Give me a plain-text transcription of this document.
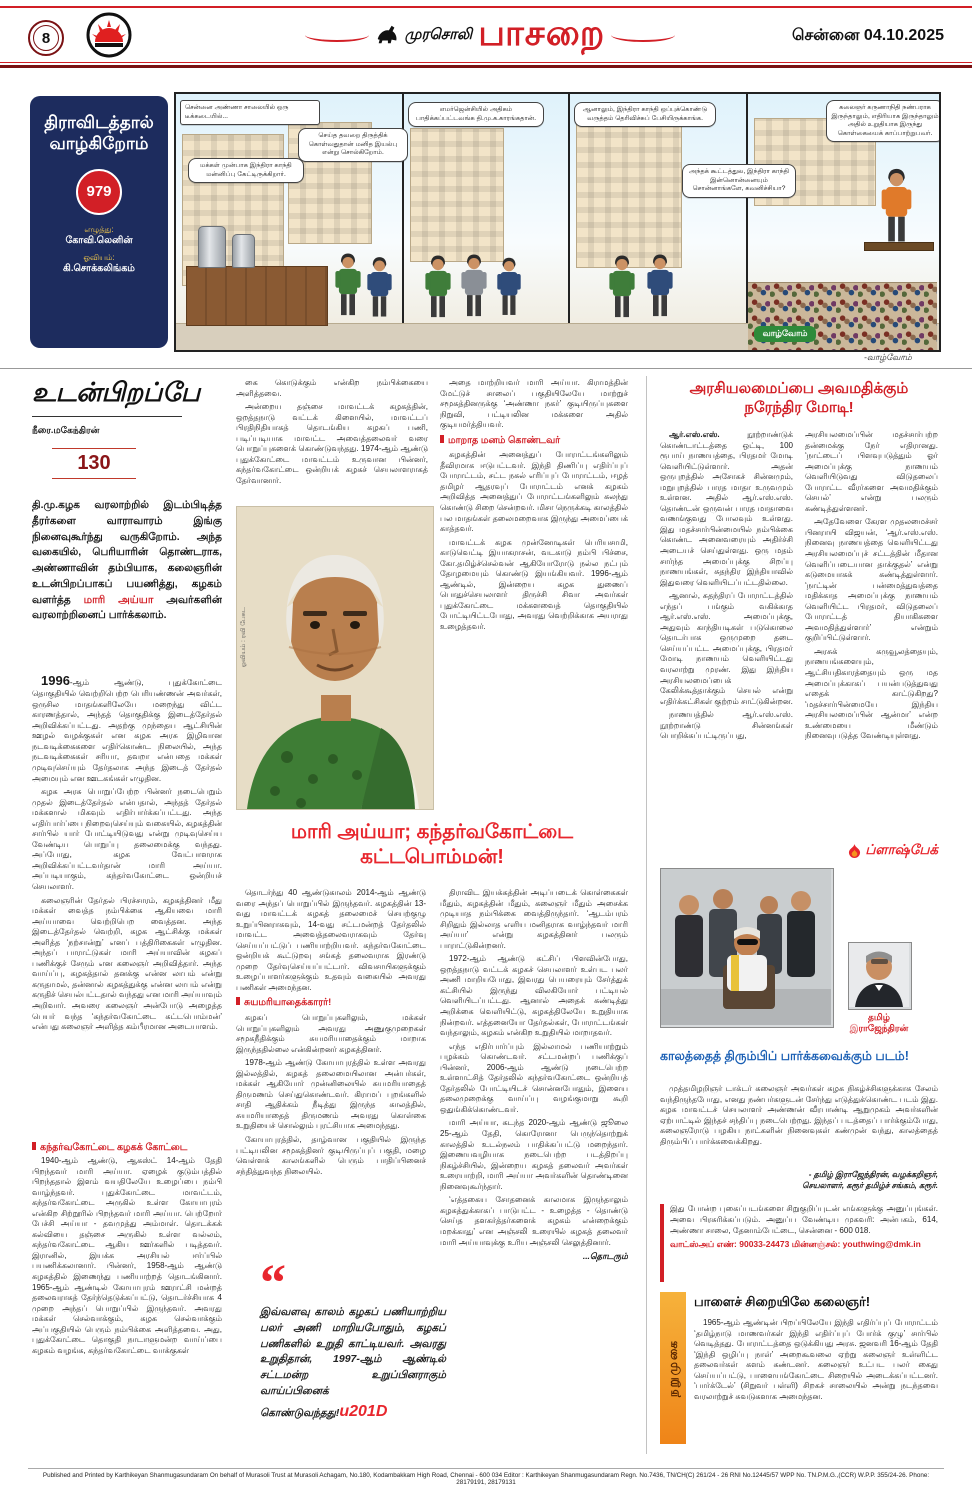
8	முரசொலி பாசறை	சென்னை 04.10.2025
திராவிடத்தால்
வாழ்கிறோம்
979
எழுத்து:
கோவி.லெனின்
ஓவியம்:
கி.சொக்கலிங்கம்
வாழ்வோம்
சென்னை அண்ணா சாலையில் ஒரு டீக்கடையில்...
மக்கள் முன்பாக இந்திரா காந்தி மன்னிப்பு கேட்டிருக்கிறார்.
செய்த தவறை திருத்திக் கொள்வதுதான் மனித இயல்பு என்று சொல்கிறோம்.
எமர்ஜென்சியில் அதிகம் பாதிக்கப்பட்டவங்க தி.மு.க.காரங்கதான்.
ஆனாலும், இந்திரா காந்தி ஒப்புக்கொண்டு வருத்தம் தெரிவிச்சுப் பேசியிருக்காங்க.
அந்தக் கூட்டத்துல, இந்திரா காந்தி இன்னொன்னையும் சொன்னாங்களே, கவனிச்சியா?
கலைஞர் கருணாநிதி நண்பராக இருந்தாலும், எதிரியாக இருந்தாலும் அதில் உறுதியாக இருந்து கொள்கையைக் காப்பாற்றுபவர்.
-வாழ்வோம்
உடன்பிறப்பே
நீரை.மகேந்திரன்
130
தி.மு.கழக வரலாற்றில் இடம்பிடித்த தீரர்களை வாராவாரம் இங்கு நினைவுகூர்ந்து வருகிறோம். அந்த வகையில், பெரியாரின் தொண்டராக, அண்ணாவின் தம்பியாக, கலைஞரின் உடன்பிறப்பாகப் பயணித்து, கழகம் வளர்த்த மாரி அய்யா அவர்களின் வரலாற்றினைப் பார்க்கலாம்.

1996-ஆம் ஆண்டு, புதுக்கோட்டை தொகுதியில் வெற்றிபெற்ற பெரியண்ணன் அவர்கள், ஒருசில மாதங்களிலேயே மறைந்து விட்ட காரணத்தால், அந்தத் தொகுதிக்கு இடைத்தேர்தல் அறிவிக்கப்பட்டது. அதற்கு முந்தைய ஆட்சியின் ஊழல் வழக்குகள் என கழக அரசு இழிவான நடவடிக்கைகளை எதிர்கொண்ட நிலையில், அந்த நடவடிக்கைகள் சரியா, தவறா என்பதை மக்கள் முடிவுசெய்யும் தேர்தலாக அந்த இடைத் தேர்தல் அமையும் என ஊடகங்கள் எழுதின.

கழக அரசு பொறுப்பேற்ற பின்னர் நடைபெறும் முதல் இடைத்தேர்தல் என்பதால், அந்தத் தேர்தல் மக்களால் மிகவும் எதிர்பார்க்கப்பட்டது. அந்த எதிர்பார்ப்பை நிறைவுசெய்யும் வகையில், கழகத்தின் சார்பில் யார் போட்டியிடுவது என்று முடிவுசெய்ய வேண்டிய பொறுப்பு தலைமைக்கு வந்தது. அப்போது, கழக வேட்பாளராக அறிவிக்கப்பட்டவர்தான் மாரி அய்யா. அப்படியாகும், கந்தர்வகோட்டை ஒன்றியச் செயலாளர்.

கலைஞரின் தேர்தல் பிரச்சாரம், கழகத்தினர் மீது மக்கள் வைத்த நம்பிக்கை ஆகியவை மாரி அய்யாவை வெற்றிபெற வைத்தன. அந்த இடைத்தேர்தல் வெற்றி, கழக ஆட்சிக்கு மக்கள் அளித்த ‘நற்சான்று’ எனப் பத்திரிகைகள் எழுதின. அந்தப் பாராட்டுகள் மாரி அய்யாவின் கழகப் பணிக்குச் சேரும் என கலைஞர் அறிவித்தார். அந்த வாய்ப்பு, கழகத்தால் தனக்கு என்ன லாபம் என்று கருதாமல், தன்னால் கழகத்துக்கு என்ன லாபம் என்று கருதிச் செயல்பட்டதால் வந்தது என மாரி அய்யாவும் அறிவார். அவரை கலைஞர் அன்போடு அழைத்த பெயர் வந்த ‘கந்தர்வகோட்டை கட்டபொம்மன்’ என்பது கலைஞர் அளித்த கம்பீரமான அடையாளம்.

கந்தர்வகோட்டை கழகக் கோட்டை

1940-ஆம் ஆண்டு, ஆகஸ்ட் 14-ஆம் தேதி பிறந்தவர் மாரி அய்யா. ஏழைக் குடும்பத்தில் பிறந்ததால் இளம் வயதிலேயே உழைப்பை நம்பி வாழ்ந்தவர். புதுக்கோட்டை மாவட்டம், கந்தர்வகோட்டை அருகில் உள்ள கோயாபுரம் என்கிற சிற்றூரில் பிறந்தவர் மாரி அய்யா. பெற்றோர் பேச்சி அய்யா - தவமுத்து அம்மாள். தொடக்கக் கல்வியை தஞ்சை அருகில் உள்ள வல்லம், கந்தர்வகோட்டை ஆகிய ஊர்களில் படித்தவர். இரானில், இயக்க அரசியல் ஈர்ப்பில் பயணிக்கலானார். பின்னர், 1958-ஆம் ஆண்டு கழகத்தில் இணைந்து பணியாற்றத் தொடங்கினார். 1965-ஆம் ஆண்டில் கோயாபுரம் ஊராட்சி மன்றத் தலைவராகத் தேர்ந்தெடுக்கப்பட்டு, தொடர்ச்சியாக 4 முறை அந்தப் பொறுப்பில் இருந்தவர். அவரது மக்கள் செல்வாக்கும், கழக செல்வாக்கும் அப்பகுதியில் பெரும் நம்பிக்கை அளித்தவை. அது, புதுக்கோட்டை தொகுதி நாடாளுமன்ற வாய்ப்பை கழகம் வழங்க, கந்தர்வகோட்டை வாக்குகள்

கை கொடுக்கும் என்கிற நம்பிக்கையை அளித்தவை.

அன்றைய தஞ்சை மாவட்டக் கழகத்தின், ஒறத்தநாடு வட்டக் கிளையில், மாவட்டப் பிரதிநிதியாகத் தொடங்கிய கழகப் பணி, படிப்படியாக மாவட்ட அவைத்தலைவர் வரை பொறுப்புகளைக் கொண்டுவந்தது. 1974-ஆம் ஆண்டு புதுக்கோட்டை மாவட்டம் உருவான பின்னர், கந்தர்வகோட்டை ஒன்றியக் கழகச் செயலாளராகத் தேர்வானார்.

ஓவியம் : ரவி பேகட
மாரி அய்யா; கந்தர்வகோட்டை
கட்டபொம்மன்!

தொடர்ந்து 40 ஆண்டுகாலம் 2014-ஆம் ஆண்டு வரை அந்தப் பொறுப்பில் இருந்தவர். கழகத்தின் 13-வது மாவட்டக் கழகத் தலைமைச் செயற்குழு உறுப்பினராகவும், 14-வது சட்டமன்றத் தேர்தலில் மாவட்ட அவைத்தலைவராகவும் தேர்வு செய்யப்பட்டுப் பணியாற்றியவர். கந்தர்வகோட்டை ஒன்றியக் கூட்டுறவு சங்கத் தலைவராக இரண்டு முறை தேர்வுசெய்யப்பட்டார். விவசாயிகளுக்கும் உழைப்பாளர்களுக்கும் உதவும் வகையில் அவரது பணிகள் அமைந்தன.

சுயமரியாதைக்காரர்!

கழகப் பொறுப்புகளிலும், மக்கள் பொறுப்புகளிலும் அவரது அணுகுமுறைகள் சமூகநீதிக்கும் சுயமரியாதைக்கும் மாறாக இருந்ததில்லை என்கின்றனர் கழகத்தினர்.

1978-ஆம் ஆண்டு கோயாபுரத்தில் உள்ள அவரது இல்லத்தில், கழகத் தலைமையிலான அன்பர்கள், மக்கள் ஆகியோர் முன்னிலையில் சுயமரியாதைத் திருமணம் செய்துகொண்டவர். கிராமப் புறங்களில் சாதி ஆதிக்கம் நீடித்து இருந்த காலத்தில், சுயமரியாதைத் திருமணம் அவரது கொள்கை உறுதியைச் சொல்லும் புரட்சியாக அமைந்தது.

கோயாபுரத்தில், தாழ்வான பகுதியில் இருந்த பட்டியலின சமூகத்தினர் குடியிருப்புப் பகுதி, மழை வெள்ளக் காலங்களில் பெரும் பாதிப்பினைச் சந்தித்துவந்த நிலையில்.

“
இவ்வளவு காலம் கழகப் பணியாற்றிய பலர் அணி மாறியபோதும், கழகப் பணிகளில் உறுதி காட்டியவர். அவரது உறுதிதான், 1997-ஆம் ஆண்டில் சட்டமன்ற உறுப்பினராகும் வாய்ப்பினைக் கொண்டுவந்தது! u201D

அதை மாற்றியவர் மாரி அய்யா. கிராமத்தின் மேட்டுச் சாலைப் பகுதியிலேயே மாற்றுச் சமூகத்தினருக்கு ‘அண்ணா நகர்’ குடியிருப்புகளை நிறுவி, பட்டியலின மக்களை அதில் குடியமர்த்தியவர்.

மாறாத மனம் கொண்டவர்

கழகத்தின் அனைத்துப் போராட்டங்களிலும் தீவிரமாக ஈடுபட்டவர். இந்தி திணிப்பு எதிர்ப்புப் போராட்டம், சட்ட நகல் எரிப்புப் போராட்டம், ஈழத் தமிழர் ஆதரவுப் போராட்டம் எனக் கழகம் அறிவித்த அனைத்துப் போராட்டங்களிலும் கலந்து கொண்டு சிறை சென்றவர். மிசா நெருக்கடி காலத்தில் பல மாதங்கள் தலைமறைவாக இருந்து அமைப்பைக் காத்தவர்.

மாவட்டக் கழக முன்னோடிகள் பெரியசாமி, காடுவெட்டி இயாகராசன், வடகாடு நம்பி பிச்சை, கோ.தமிழ்ச்செல்வன் ஆகியோரோடு நல்ல நட்பும் தோழமையும் கொண்டு இயங்கியவர். 1996-ஆம் ஆண்டில், இன்றைய கழக துணைப் பொதுச்செயலாளர் திருச்சி சிவா அவர்கள் புதுக்கோட்டை மக்களவைத் தொகுதியில் போட்டியிட்டபோது, அவரது வெற்றிக்காக அயராது உழைத்தவர்.

திராவிட இயக்கத்தின் அடிப்படைக் கொள்கைகள் மீதும், கழகத்தின் மீதும், கலைஞர் மீதும் அசைக்க முடியாத நம்பிக்கை வைத்திருந்தார். ‘ஆடம்பரம் சிறிதும் இல்லாத எளிய மனிதராக வாழ்ந்தவர் மாரி அய்யா’ என்று கழகத்தினர் பலரும் பாராட்டுகின்றனர்.

1972-ஆம் ஆண்டு கட்சிப் பிளவின்போது, ஒறத்தநாடு வட்டக் கழகச் செயலாளர் உள்பட பலர் அணி மாறியபோது, இவரது பெயரையும் சேர்த்துக் கட்சியில் இருந்து விலகியோர் பட்டியல் வெளியிடப்பட்டது. ஆனால் அதைக் கண்டித்து அறிக்கை வெளியிட்டு, கழகத்திலேயே உறுதியாக நின்றவர். எத்தனையோ தேர்தல்கள், போராட்டங்கள் வந்தாலும், கழகம் என்கிற உறுதியில் மாறாதவர்.

எந்த எதிர்பார்ப்பும் இல்லாமல் பணியாற்றும் பழக்கம் கொண்டவர். சட்டமன்றப் பணிக்குப் பின்னர், 2006-ஆம் ஆண்டு நடைபெற்ற உள்ளாட்சித் தேர்தலில் கந்தர்வகோட்டை ஒன்றியத் தேர்தலில் போட்டியிடச் சொன்னபோதும், இளைய தலைமுறைக்கு வாய்ப்பு வழங்குமாறு கூறி ஒதுங்கிக்கொண்டவர்.

மாரி அய்யா, கடந்த 2020-ஆம் ஆண்டு ஜூலை 25-ஆம் தேதி, கொரோனா பெருந்தொற்றுக் காலத்தில் உடல்நலம் பாதிக்கப்பட்டு மறைந்தார். இணையவழியாக நடைபெற்ற படத்திறப்பு நிகழ்ச்சியில், இன்றைய கழகத் தலைவர் அவர்கள் உரையாற்றி, மாரி அய்யா அவர்களின் தொண்டினை நினைவுகூர்ந்தார்.

‘எத்தகைய சோதனைக் காலமாக இருந்தாலும் கழகத்துக்காகப் பாடுபட்ட - உழைத்த - தொண்டு செய்த தளகர்த்தர்களைக் கழகம் என்றைக்கும் மறக்காது’ என அஞ்சலி உரையில் கழகத் தலைவர் மாரி அய்யாவுக்கு உரிய அஞ்சலி செலுத்தினார்.

...தொடரும்
அரசியலமைப்பை அவமதிக்கும்
நரேந்திர மோடி!

ஆர்.எஸ்.எஸ். நூற்றாண்டுக் கொண்டாட்டத்தை ஒட்டி, 100 ரூபாய் நாணயத்தை, பிரதமர் மோடி வெளியிட்டுள்ளார். அதன் ஒருபுறத்தில் அசோகச் சின்னமும், மறுபுறத்தில் பாரத மாதா உருவமும் உள்ளன. அதில் ஆர்.எஸ்.எஸ். தொண்டன் ஒருவன் பாரத மாதாவை வணங்குவது போலவும் உள்ளது. இது மதச்சார்பின்மையில் நம்பிக்கை கொண்ட அனைவரையும் அதிர்ச்சி அடையச் செய்துள்ளது. ஒரு மதம் சார்ந்த அமைப்புக்கு சிறப்பு நாணயங்கள், சுதந்திர இந்தியாவில் இதுவரை வெளியிடப்பட்டதில்லை.

ஆனால், சுதந்திரப் போராட்டத்தில் எந்தப் பங்கும் வகிக்காத ஆர்.எஸ்.எஸ். அமைப்புக்கு, அதுவும் காந்தியடிகள் படுகொலை தொடர்பாக ஒருமுறை தடை செய்யப்பட்ட அமைப்புக்கு, பிரதமர் மோடி நாணயம் வெளியிட்டது வரலாற்று முரண். இது இந்திய அரசியலமைப்பைக் கேலிக்கூத்தாக்கும் செயல் என்று எதிர்க்கட்சிகள் குற்றம் சாட்டுகின்றன.

நாணயத்தில் ஆர்.எஸ்.எஸ். நூற்றாண்டு சின்னங்கள் பொறிக்கப்பட்டிருப்பது, அரசியலமைப்பின் மதச்சார்பற்ற தன்மைக்கு நேர் எதிரானது. ‘நாட்டைப் பிளவுபடுத்தும் ஓர் அமைப்புக்கு நாணயம் வெளியிடுவது விடுதலைப் போராட்ட வீரர்களை அவமதிக்கும் செயல்’ என்று பலரும் கண்டித்துள்ளனர்.

அதேவேளை கேரள முதலமைச்சர் பினராயி விஜயன், ‘ஆர்.எஸ்.எஸ். நினைவு நாணயத்தை வெளியிட்டது அரசியலமைப்புச் சட்டத்தின் மீதான வெளிப்படையான தாக்குதல்’ என்று கடுமையாகக் கண்டித்துள்ளார். ‘நாட்டின் பன்மைத்துவத்தை மதிக்காத அமைப்புக்கு நாணயம் வெளியிட்ட பிரதமர், விடுதலைப் போராட்டத் தியாகிகளை அவமதித்துள்ளார்’ என்றும் குறிப்பிட்டுள்ளார்.

அரசுக் கருவூலத்தையும், நாணயங்களையும், ஆட்சியதிகாரத்தையும் ஒரு மத அமைப்புக்காகப் பயன்படுத்துவது எதைக் காட்டுகிறது? ‘மதச்சார்பின்மையே இந்திய அரசியலமைப்பின் ஆன்மா’ என்ற உண்மையை மீண்டும் நினைவுபடுத்த வேண்டியுள்ளது.

ப்ளாஷ்பேக்
தமிழ்
இராஜேந்திரன்
காலத்தைத் திரும்பிப் பார்க்கவைக்கும் படம்!

முத்தமிழறிஞர் டாக்டர் கலைஞர் அவர்கள் கழக நிகழ்ச்சிகளுக்காக சேலம் வந்திருந்தபோது, எனது நண்பர்களுடன் சேர்ந்து எடுத்துக்கொண்ட படம் இது. கழக மாவட்டச் செயலாளர் அண்ணன் வீரபாண்டி ஆறுமுகம் அவர்களின் ஏற்பாட்டில் இந்தச் சந்திப்பு நடைபெற்றது. இந்தப் படத்தைப் பார்க்கும்போது, கலைஞரோடு பழகிய நாட்களின் நினைவுகள் கண்முன் வந்து, காலத்தைத் திரும்பிப் பார்க்கவைக்கிறது.

- தமிழ் இராஜேந்திரன், வழக்கறிஞர்,
செயலாளர், கரூர் தமிழ்ச் சங்கம், கரூர்.
இது போன்ற புகைப்படங்களை சிறுகுறிப்புடன் எங்களுக்கு அனுப்புங்கள். அவை பிரசுரிக்கப்படும். அனுப்ப வேண்டிய முகவரி: அன்பகம், 614, அண்ணா சாலை, தேனாம்பேட்டை, சென்னை - 600 018.
வாட்ஸ்அப் எண்: 90033-24473 மின்னஞ்சல்: youthwing@dmk.in
நறுமுகை
பாளைச் சிறையிலே கலைஞர்!

1965-ஆம் ஆண்டின் பிறப்பிலேயே இந்தி எதிர்ப்புப் போராட்டம் ‘தமிழ்நாடு மாணவர்கள் இந்தி எதிர்ப்புப் போர்க் குழு’ சார்பில் வெடித்தது. போராட்டத்தை ஒடுக்கியது அரசு. ஜனவரி 16-ஆம் தேதி ‘இந்தி ஒழிப்பு நாள்’ அறைகூவலை ஏற்று கலைஞர் உள்ளிட்ட தலைவர்கள் களம் கண்டனர். கலைஞர் உட்பட பலர் கைது செய்யப்பட்டு, பாளையங்கோட்டை சிறையில் அடைக்கப்பட்டனர். ‘பார்க்டேல்’ (சிறுவர் பள்ளி) சிறகச் சாலையில் அன்று நடந்தவை வரலாற்றுச் சுவடுகளாக அமைந்தன.

Published and Printed by Karthikeyan Shanmugasundaram On behalf of Murasoli Trust at Murasoli Achagam, No.180, Kodambakkam High Road, Chennai - 600 034 Editor : Karthikeyan Shanmugasundaram Regn. No.7436, TN/CH(C) 261/24 - 26 RNI No.12445/57 WPP No. TN.P.M.G.,(CCR) W.P.P. 355/24-26. Phone: 28179191, 28179131
